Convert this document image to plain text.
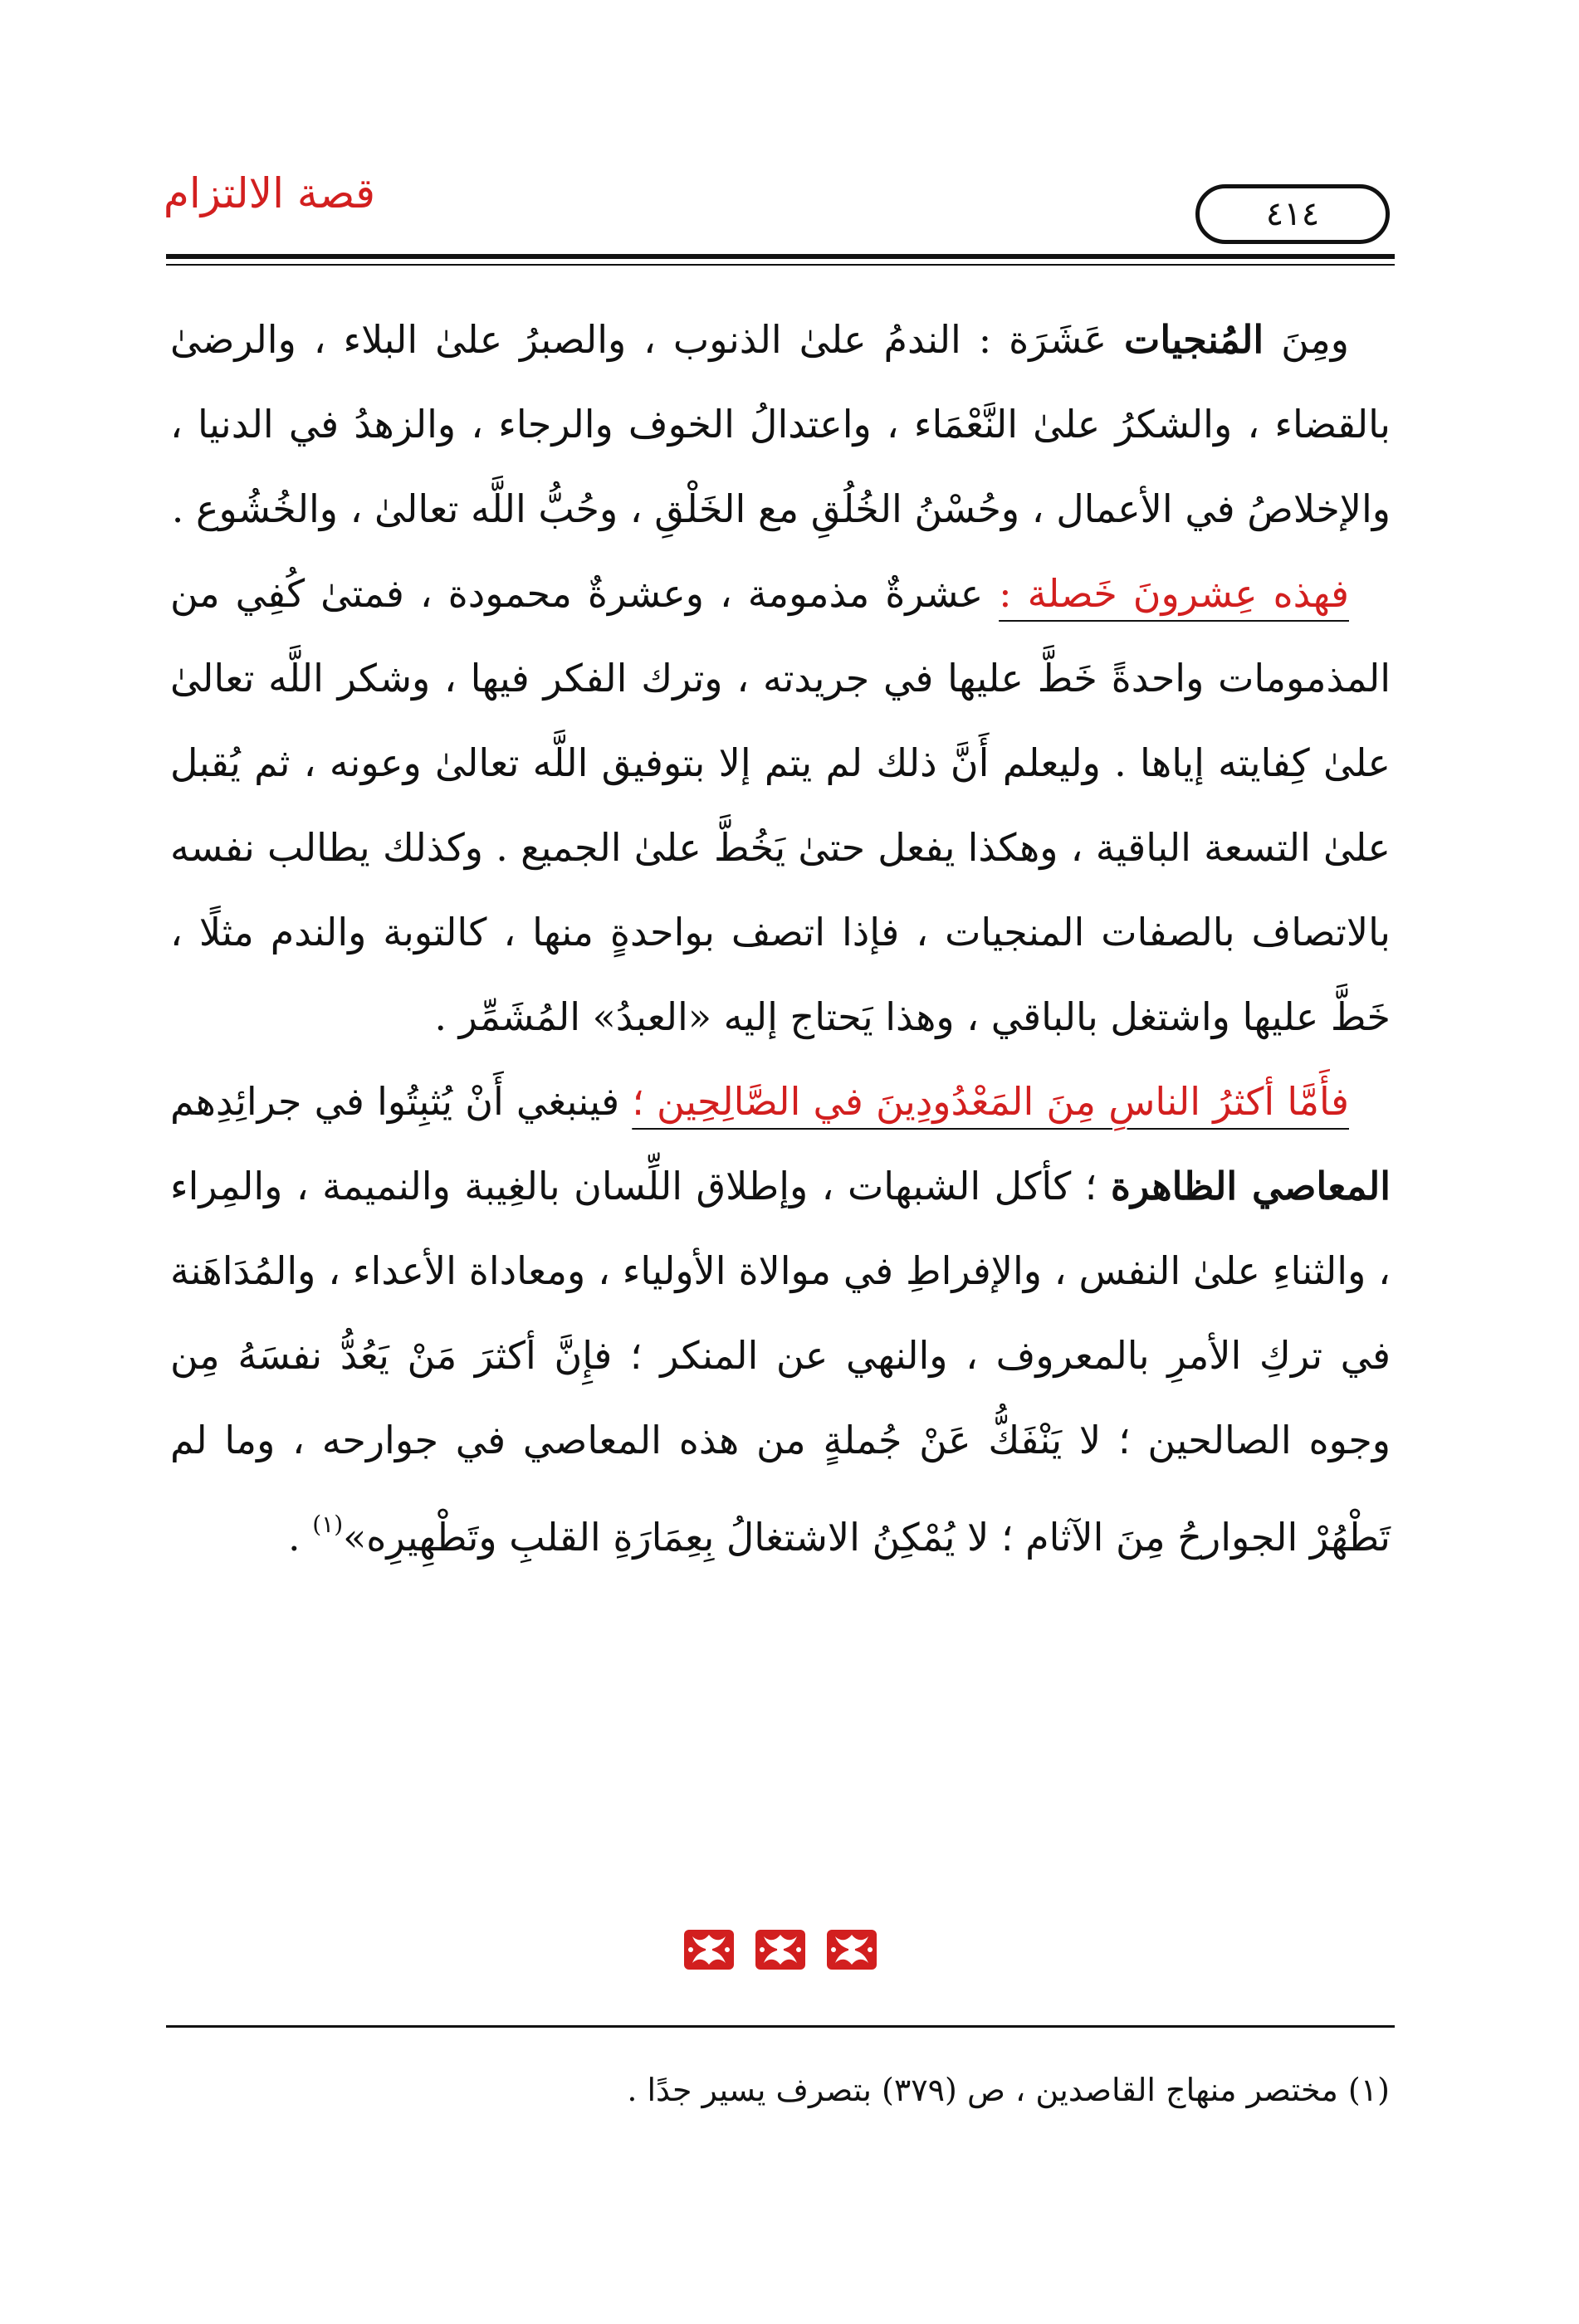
قصة الالتزام	٤١٤

ومِنَ المُنجيات عَشَرَة : الندمُ علىٰ الذنوب ، والصبرُ علىٰ البلاء ، والرضىٰ بالقضاء ، والشكرُ علىٰ النَّعْمَاء ، واعتدالُ الخوف والرجاء ، والزهدُ في الدنيا ، والإخلاصُ في الأعمال ، وحُسْنُ الخُلُقِ مع الخَلْقِ ، وحُبُّ اللَّه تعالىٰ ، والخُشُوع .

فهذه عِشرونَ خَصلة : عشرةٌ مذمومة ، وعشرةٌ محمودة ، فمتىٰ كُفِي من المذمومات واحدةً خَطَّ عليها في جريدته ، وترك الفكر فيها ، وشكر اللَّه تعالىٰ علىٰ كِفايته إياها . وليعلم أَنَّ ذلك لم يتم إلا بتوفيق اللَّه تعالىٰ وعونه ، ثم يُقبل علىٰ التسعة الباقية ، وهكذا يفعل حتىٰ يَخُطَّ علىٰ الجميع . وكذلك يطالب نفسه بالاتصاف بالصفات المنجيات ، فإذا اتصف بواحدةٍ منها ، كالتوبة والندم مثلًا ، خَطَّ عليها واشتغل بالباقي ، وهذا يَحتاج إليه «العبدُ» المُشَمِّر .

فأَمَّا أكثرُ الناسِ مِنَ المَعْدُودِينَ في الصَّالِحِين ؛ فينبغي أَنْ يُثبِتُوا في جرائِدِهم المعاصي الظاهرة ؛ كأكل الشبهات ، وإطلاق اللِّسان بالغِيبة والنميمة ، والمِراء ، والثناءِ علىٰ النفس ، والإفراطِ في موالاة الأولياء ، ومعاداة الأعداء ، والمُدَاهَنة في تركِ الأمرِ بالمعروف ، والنهي عن المنكر ؛ فإِنَّ أكثرَ مَنْ يَعُدُّ نفسَهُ مِن وجوه الصالحين ؛ لا يَنْفَكُّ عَنْ جُملةٍ من هذه المعاصي في جوارحه ، وما لم تَطْهُرْ الجوارحُ مِنَ الآثام ؛ لا يُمْكِنُ الاشتغالُ بِعِمَارَةِ القلبِ وتَطْهِيرِه»$^{(١)}$ .

(١) مختصر منهاج القاصدين ، ص (٣٧٩) بتصرف يسير جدًا .
